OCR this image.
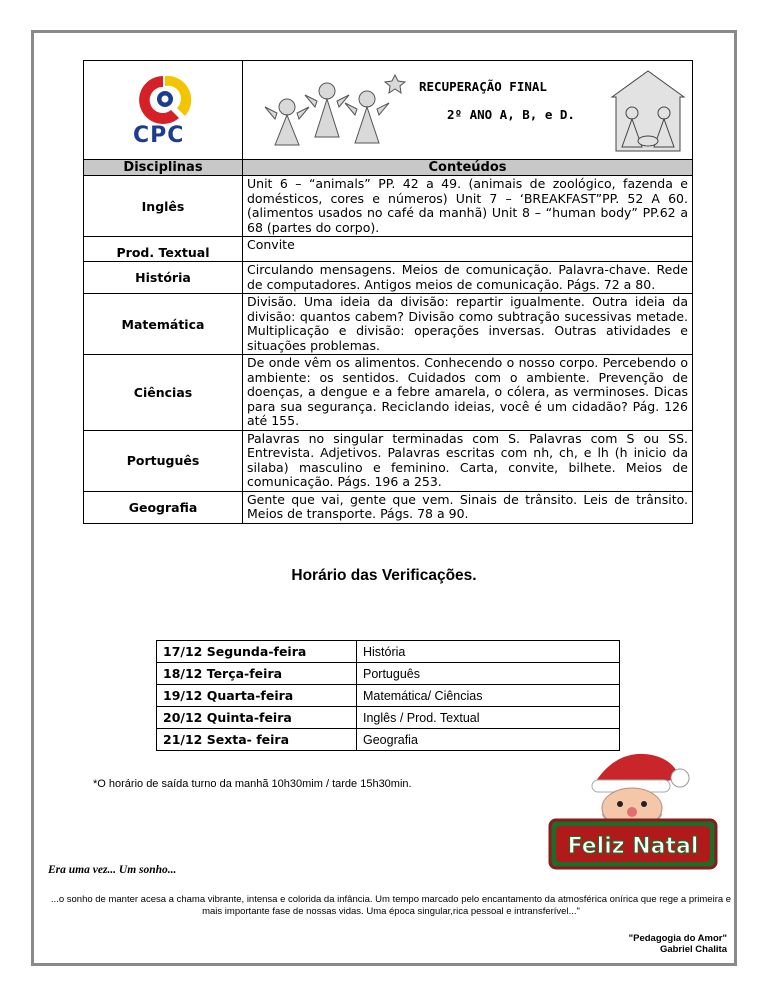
CPC	RECUPERAÇÃO FINAL
2º ANO A, B, e D.

Disciplinas	Conteúdos
Inglês	Unit 6 – “animals” PP. 42 a 49. (animais de zoológico, fazenda e domésticos, cores e números) Unit 7 – ‘BREAKFAST”PP. 52 A 60. (alimentos usados no café da manhã) Unit 8 – “human body” PP.62 a 68 (partes do corpo).
Prod. Textual	Convite
História	Circulando mensagens. Meios de comunicação. Palavra-chave. Rede de computadores. Antigos meios de comunicação. Págs. 72 a 80.
Matemática	Divisão. Uma ideia da divisão: repartir igualmente. Outra ideia da divisão: quantos cabem? Divisão como subtração sucessivas metade. Multiplicação e divisão: operações inversas. Outras atividades e situações problemas.
Ciências	De onde vêm os alimentos. Conhecendo o nosso corpo. Percebendo o ambiente: os sentidos. Cuidados com o ambiente. Prevenção de doenças, a dengue e a febre amarela, o cólera, as verminoses. Dicas para sua segurança. Reciclando ideias, você é um cidadão? Pág. 126 até 155.
Português	Palavras no singular terminadas com S. Palavras com S ou SS. Entrevista. Adjetivos. Palavras escritas com nh, ch, e lh (h inicio da silaba) masculino e feminino. Carta, convite, bilhete. Meios de comunicação. Págs. 196 a 253.
Geografia	Gente que vai, gente que vem. Sinais de trânsito. Leis de trânsito. Meios de transporte. Págs. 78 a 90.
Horário das Verificações.
17/12 Segunda-feira	História
18/12 Terça-feira	Português
19/12 Quarta-feira	Matemática/ Ciências
20/12 Quinta-feira	Inglês / Prod. Textual
21/12 Sexta- feira	Geografia
*O horário de saída turno da manhã 10h30mim / tarde 15h30min.
Feliz Natal
Era uma vez... Um sonho...
...o sonho de manter acesa a chama vibrante, intensa e colorida da infância. Um tempo marcado pelo encantamento da atmosférica onírica que rege a primeira e mais importante fase de nossas vidas. Uma época singular,rica pessoal e intransferível..."
"Pedagogia do Amor"
Gabriel Chalita
